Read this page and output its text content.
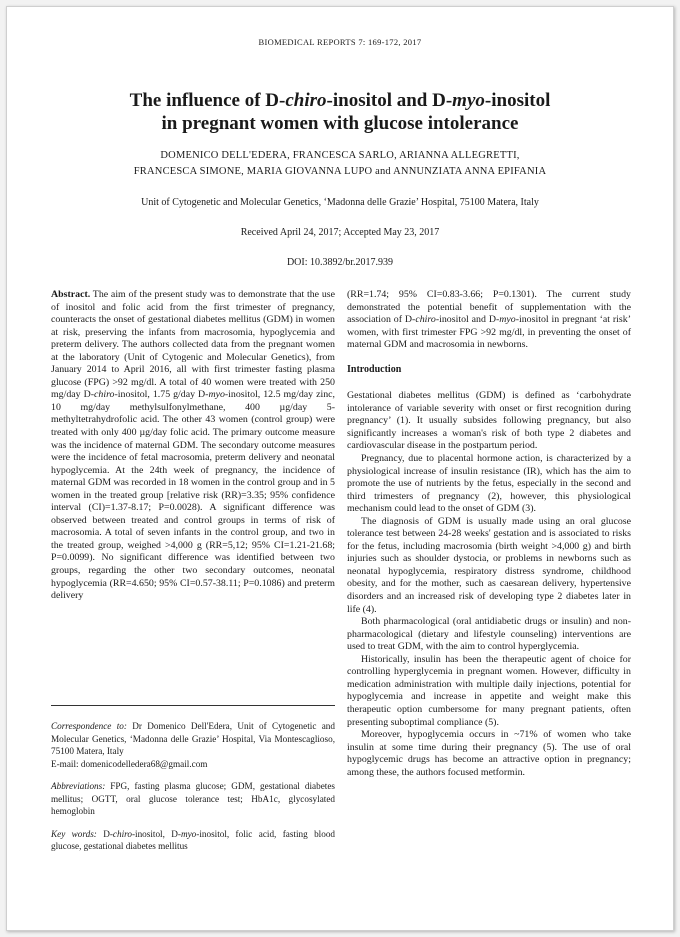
BIOMEDICAL REPORTS 7: 169-172, 2017
The influence of D-chiro-inositol and D-myo-inositol
in pregnant women with glucose intolerance
DOMENICO DELL'EDERA, FRANCESCA SARLO, ARIANNA ALLEGRETTI,
FRANCESCA SIMONE, MARIA GIOVANNA LUPO and ANNUNZIATA ANNA EPIFANIA
Unit of Cytogenetic and Molecular Genetics, ‘Madonna delle Grazie’ Hospital, 75100 Matera, Italy
Received April 24, 2017; Accepted May 23, 2017
DOI: 10.3892/br.2017.939

Abstract. The aim of the present study was to demonstrate that the use of inositol and folic acid from the first trimester of pregnancy, counteracts the onset of gestational diabetes mellitus (GDM) in women at risk, preserving the infants from macrosomia, hypoglycemia and preterm delivery. The authors collected data from the pregnant women at the laboratory (Unit of Cytogenic and Molecular Genetics), from January 2014 to April 2016, all with first trimester fasting plasma glucose (FPG) >92 mg/dl. A total of 40 women were treated with 250 mg/day D-chiro-inositol, 1.75 g/day D-myo-inositol, 12.5 mg/day zinc, 10 mg/day methylsulfonylmethane, 400 µg/day 5-methyltetrahydrofolic acid. The other 43 women (control group) were treated with only 400 µg/day folic acid. The primary outcome measure was the incidence of maternal GDM. The secondary outcome measures were the incidence of fetal macrosomia, preterm delivery and neonatal hypoglycemia. At the 24th week of pregnancy, the incidence of maternal GDM was recorded in 18 women in the control group and in 5 women in the treated group [relative risk (RR)=3.35; 95% confidence interval (CI)=1.37-8.17; P=0.0028). A significant difference was observed between treated and control groups in terms of risk of macrosomia. A total of seven infants in the control group, and two in the treated group, weighed >4,000 g (RR=5,12; 95% CI=1.21-21.68; P=0.0099). No significant difference was identified between two groups, regarding the other two secondary outcomes, neonatal hypoglycemia (RR=4.650; 95% CI=0.57-38.11; P=0.1086) and preterm delivery

Correspondence to: Dr Domenico Dell'Edera, Unit of Cytogenetic and Molecular Genetics, ‘Madonna delle Grazie’ Hospital, Via Montescaglioso, 75100 Matera, Italy
E-mail: domenicodelledera68@gmail.com

Abbreviations: FPG, fasting plasma glucose; GDM, gestational diabetes mellitus; OGTT, oral glucose tolerance test; HbA1c, glycosylated hemoglobin

Key words: D-chiro-inositol, D-myo-inositol, folic acid, fasting blood glucose, gestational diabetes mellitus

(RR=1.74; 95% CI=0.83-3.66; P=0.1301). The current study demonstrated the potential benefit of supplementation with the association of D-chiro-inositol and D-myo-inositol in pregnant ‘at risk’ women, with first trimester FPG >92 mg/dl, in preventing the onset of maternal GDM and macrosomia in newborns.

Introduction

Gestational diabetes mellitus (GDM) is defined as ‘carbohydrate intolerance of variable severity with onset or first recognition during pregnancy’ (1). It usually subsides following pregnancy, but also significantly increases a woman's risk of both type 2 diabetes and cardiovascular disease in the postpartum period.

Pregnancy, due to placental hormone action, is characterized by a physiological increase of insulin resistance (IR), which has the aim to promote the use of nutrients by the fetus, especially in the second and third trimesters of pregnancy (2), however, this physiological mechanism could lead to the onset of GDM (3).

The diagnosis of GDM is usually made using an oral glucose tolerance test between 24-28 weeks' gestation and is associated to risks for the fetus, including macrosomia (birth weight >4,000 g) and birth injuries such as shoulder dystocia, or problems in newborns such as neonatal hypoglycemia, respiratory distress syndrome, childhood obesity, and for the mother, such as caesarean delivery, hypertensive disorders and an increased risk of developing type 2 diabetes later in life (4).

Both pharmacological (oral antidiabetic drugs or insulin) and non-pharmacological (dietary and lifestyle counseling) interventions are used to treat GDM, with the aim to control hyperglycemia.

Historically, insulin has been the therapeutic agent of choice for controlling hyperglycemia in pregnant women. However, difficulty in medication administration with multiple daily injections, potential for hypoglycemia and increase in appetite and weight make this therapeutic option cumbersome for many pregnant patients, often presenting suboptimal compliance (5).

Moreover, hypoglycemia occurs in ~71% of women who take insulin at some time during their pregnancy (5). The use of oral hypoglycemic drugs has become an attractive option in pregnancy; among these, the authors focused metformin.
